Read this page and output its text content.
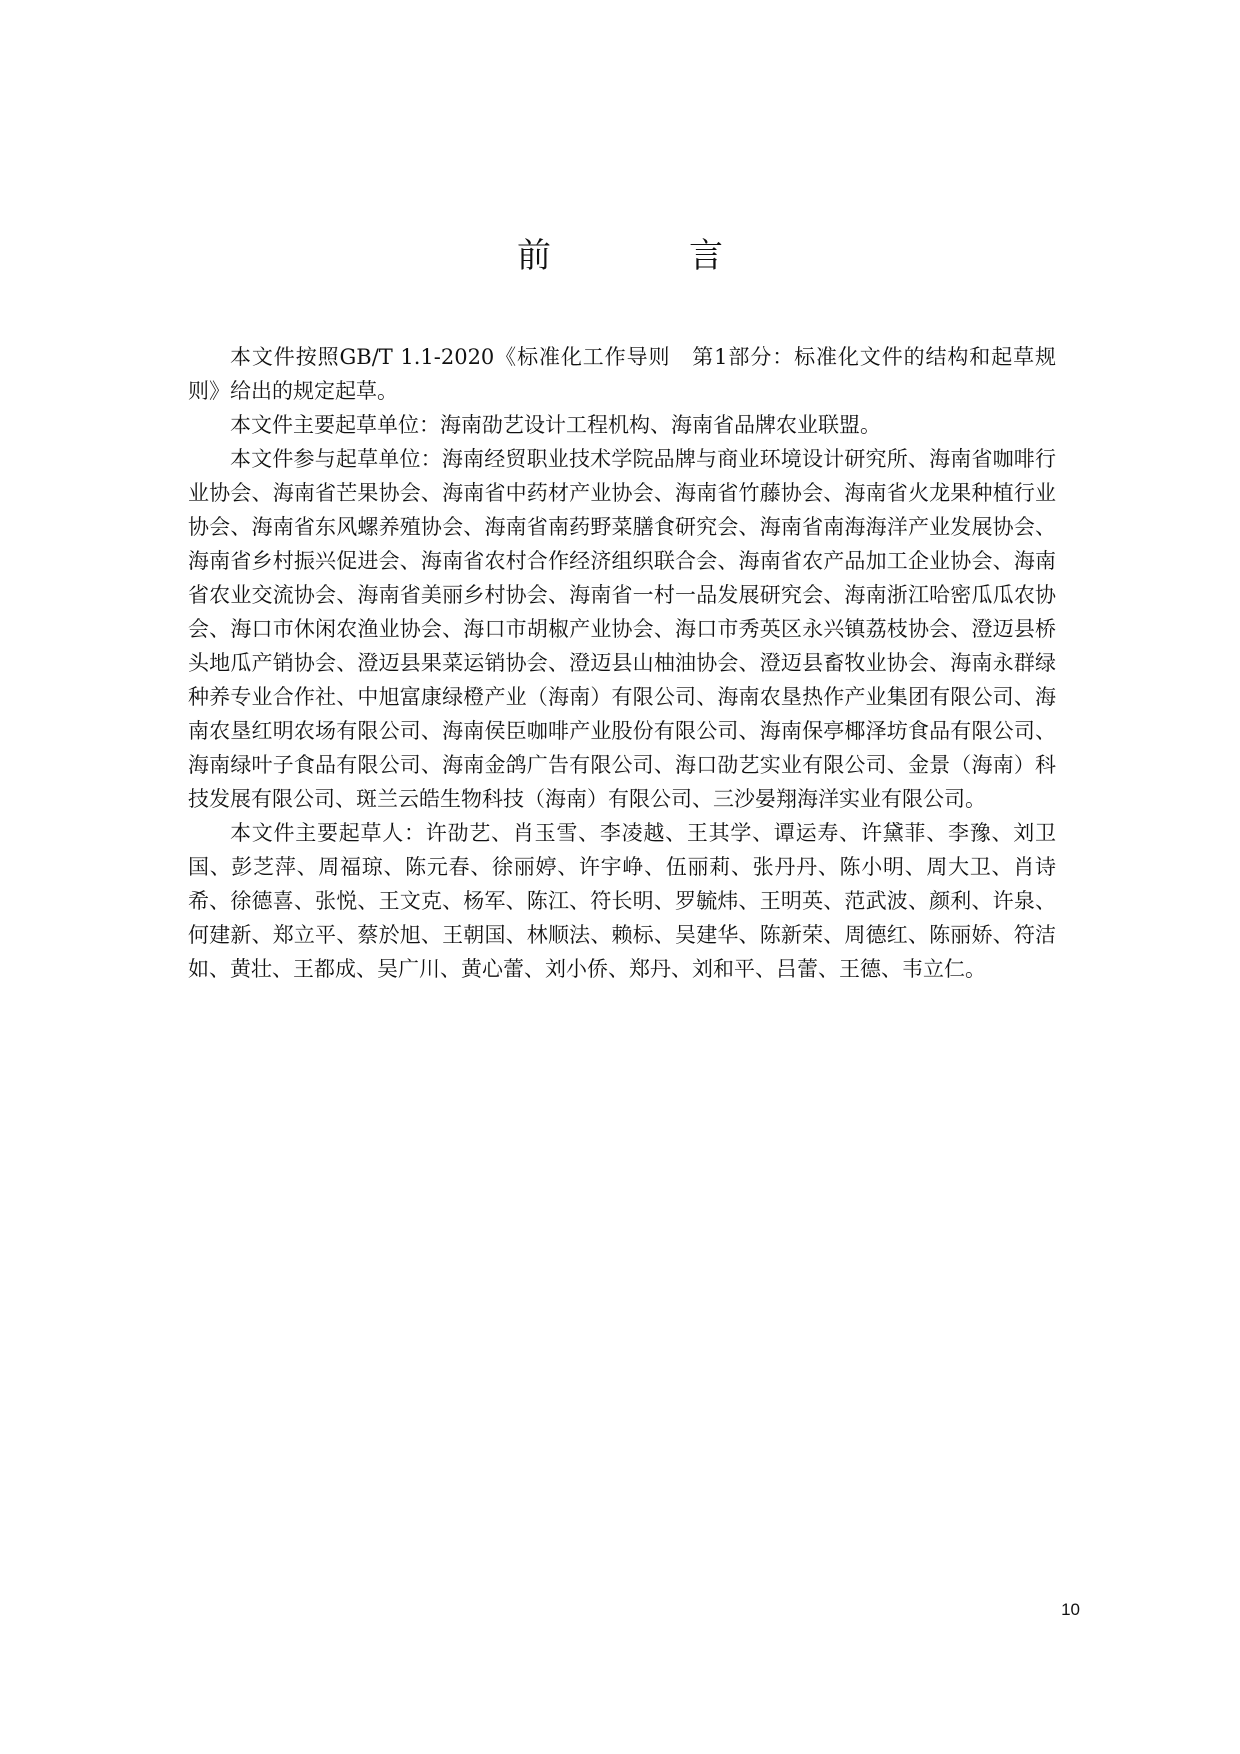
前　言

本文件按照GB/T 1.1-2020《标准化工作导则　第1部分：标准化文件的结构和起草规则》给出的规定起草。

本文件主要起草单位：海南劭艺设计工程机构、海南省品牌农业联盟。

本文件参与起草单位：海南经贸职业技术学院品牌与商业环境设计研究所、海南省咖啡行业协会、海南省芒果协会、海南省中药材产业协会、海南省竹藤协会、海南省火龙果种植行业协会、海南省东风螺养殖协会、海南省南药野菜膳食研究会、海南省南海海洋产业发展协会、海南省乡村振兴促进会、海南省农村合作经济组织联合会、海南省农产品加工企业协会、海南省农业交流协会、海南省美丽乡村协会、海南省一村一品发展研究会、海南浙江哈密瓜瓜农协会、海口市休闲农渔业协会、海口市胡椒产业协会、海口市秀英区永兴镇荔枝协会、澄迈县桥头地瓜产销协会、澄迈县果菜运销协会、澄迈县山柚油协会、澄迈县畜牧业协会、海南永群绿种养专业合作社、中旭富康绿橙产业（海南）有限公司、海南农垦热作产业集团有限公司、海南农垦红明农场有限公司、海南侯臣咖啡产业股份有限公司、海南保亭椰泽坊食品有限公司、海南绿叶子食品有限公司、海南金鸽广告有限公司、海口劭艺实业有限公司、金景（海南）科技发展有限公司、斑兰云皓生物科技（海南）有限公司、三沙晏翔海洋实业有限公司。

本文件主要起草人：许劭艺、肖玉雪、李凌越、王其学、谭运寿、许黛菲、李豫、刘卫国、彭芝萍、周福琼、陈元春、徐丽婷、许宇峥、伍丽莉、张丹丹、陈小明、周大卫、肖诗希、徐德喜、张悦、王文克、杨军、陈江、符长明、罗毓炜、王明英、范武波、颜利、许泉、何建新、郑立平、蔡於旭、王朝国、林顺法、赖标、吴建华、陈新荣、周德红、陈丽娇、符洁如、黄壮、王都成、吴广川、黄心蕾、刘小侨、郑丹、刘和平、吕蕾、王德、韦立仁。

10
